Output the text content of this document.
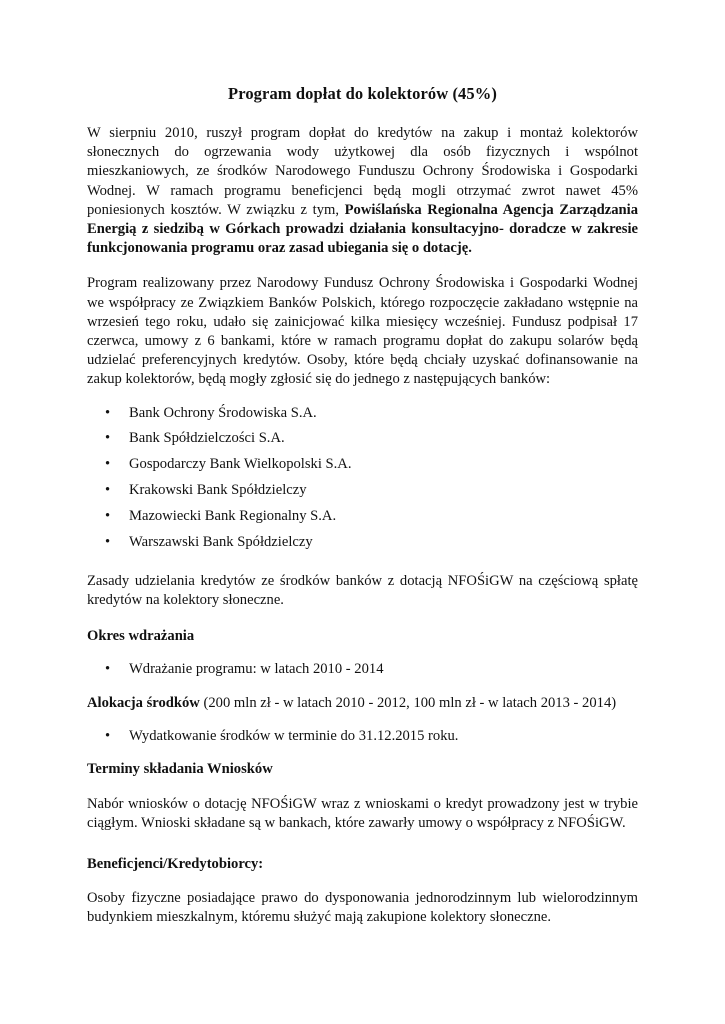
Program dopłat do kolektorów (45%)

W sierpniu 2010, ruszył program dopłat do kredytów na zakup i montaż kolektorów słonecznych do ogrzewania wody użytkowej dla osób fizycznych i wspólnot mieszkaniowych, ze środków Narodowego Funduszu Ochrony Środowiska i Gospodarki Wodnej. W ramach programu beneficjenci będą mogli otrzymać zwrot nawet 45% poniesionych kosztów. W związku z tym, Powiślańska Regionalna Agencja Zarządzania Energią z siedzibą w Górkach prowadzi działania konsultacyjno- doradcze w zakresie funkcjonowania programu oraz zasad ubiegania się o dotację.

Program realizowany przez Narodowy Fundusz Ochrony Środowiska i Gospodarki Wodnej we współpracy ze Związkiem Banków Polskich, którego rozpoczęcie zakładano wstępnie na wrzesień tego roku, udało się zainicjować kilka miesięcy wcześniej. Fundusz podpisał 17 czerwca, umowy z 6 bankami, które w ramach programu dopłat do zakupu solarów będą udzielać preferencyjnych kredytów. Osoby, które będą chciały uzyskać dofinansowanie na zakup kolektorów, będą mogły zgłosić się do jednego z następujących banków:

• Bank Ochrony Środowiska S.A.
• Bank Spółdzielczości S.A.
• Gospodarczy Bank Wielkopolski S.A.
• Krakowski Bank Spółdzielczy
• Mazowiecki Bank Regionalny S.A.
• Warszawski Bank Spółdzielczy

Zasady udzielania kredytów ze środków banków z dotacją NFOŚiGW na częściową spłatę kredytów na kolektory słoneczne.

Okres wdrażania

• Wdrażanie programu: w latach 2010 - 2014

Alokacja środków (200 mln zł - w latach 2010 - 2012, 100 mln zł - w latach 2013 - 2014)

• Wydatkowanie środków w terminie do 31.12.2015 roku.

Terminy składania Wniosków

Nabór wniosków o dotację NFOŚiGW wraz z wnioskami o kredyt prowadzony jest w trybie ciągłym. Wnioski składane są w bankach, które zawarły umowy o współpracy z NFOŚiGW.

Beneficjenci/Kredytobiorcy:

Osoby fizyczne posiadające prawo do dysponowania jednorodzinnym lub wielorodzinnym budynkiem mieszkalnym, któremu służyć mają zakupione kolektory słoneczne.
